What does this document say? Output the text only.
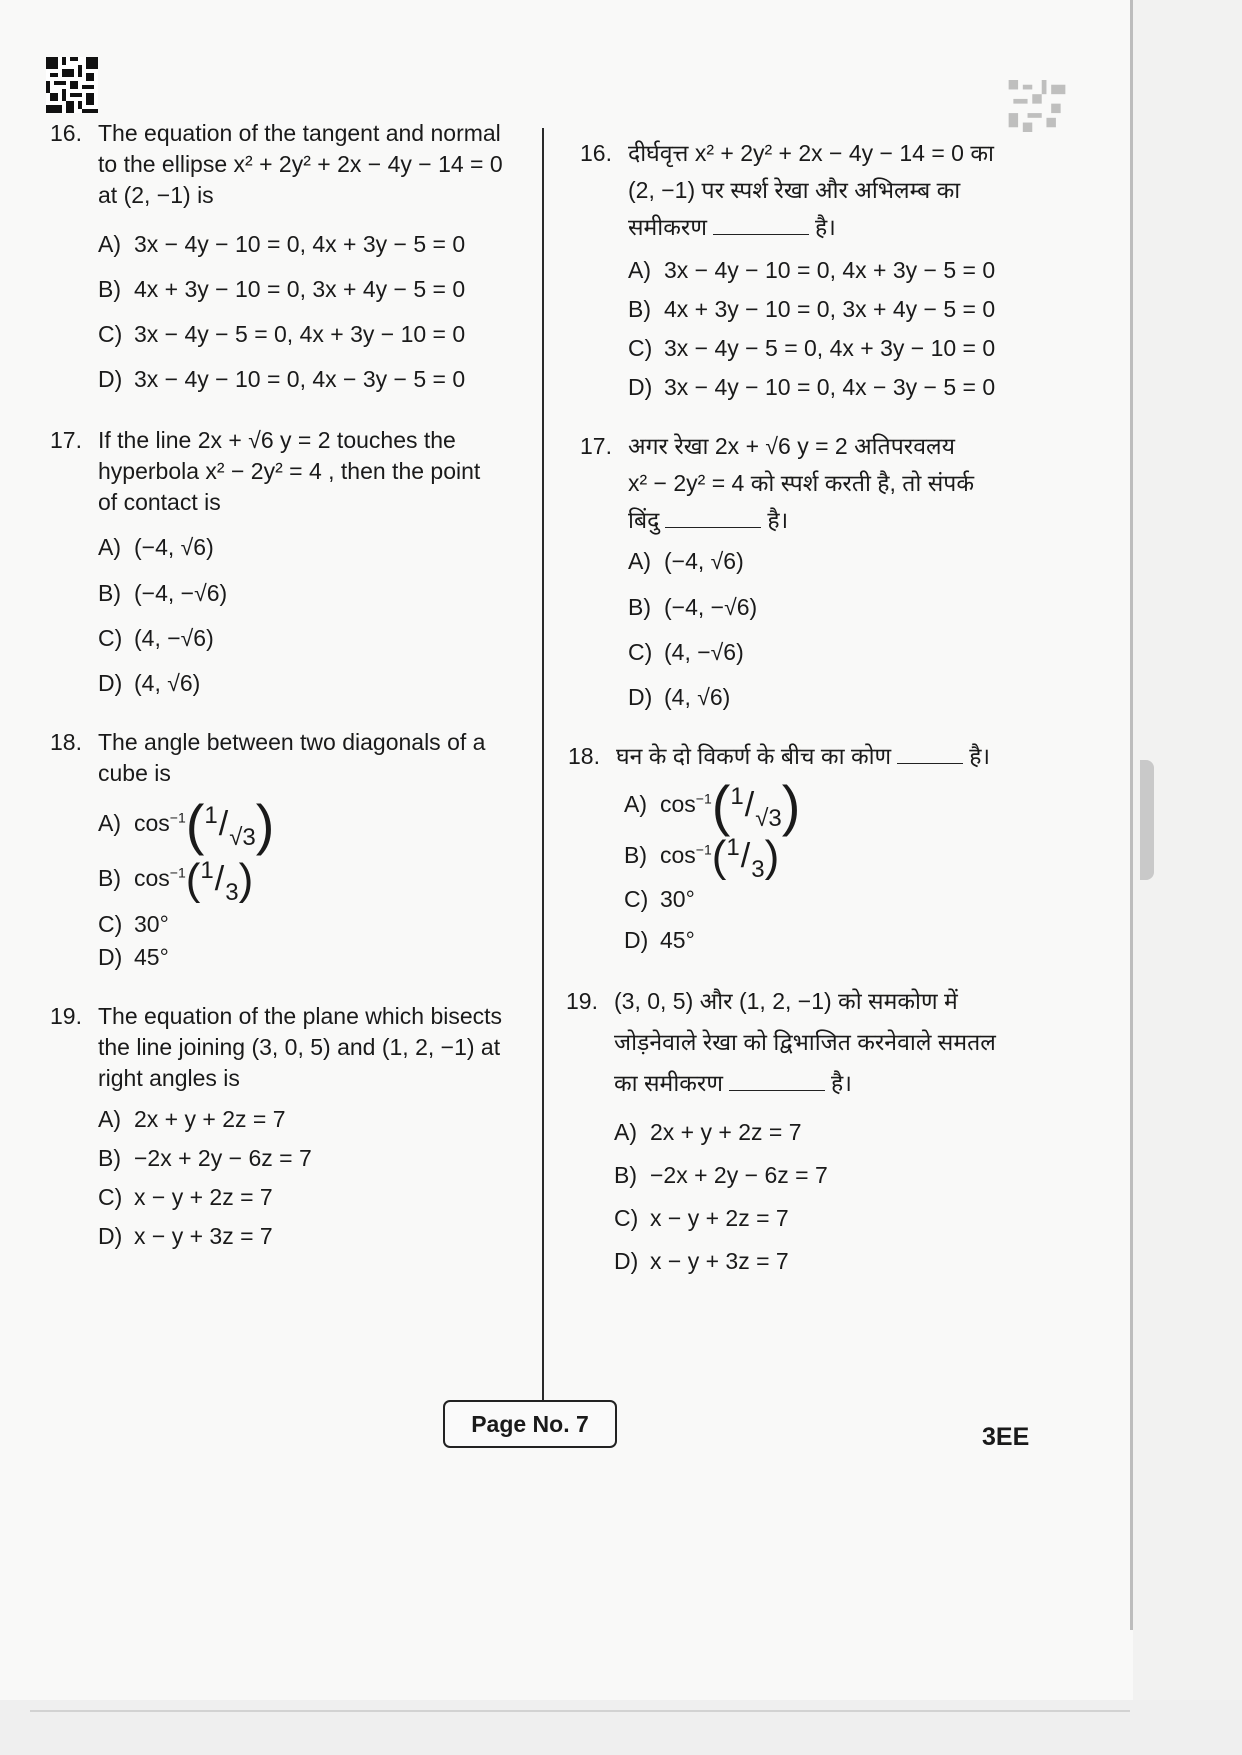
16. The equation of the tangent and normal
to the ellipse x² + 2y² + 2x − 4y − 14 = 0
at (2, −1) is
A) 3x − 4y − 10 = 0, 4x + 3y − 5 = 0
B) 4x + 3y − 10 = 0, 3x + 4y − 5 = 0
C) 3x − 4y − 5 = 0, 4x + 3y − 10 = 0
D) 3x − 4y − 10 = 0, 4x − 3y − 5 = 0
17. If the line 2x + √6 y = 2 touches the
hyperbola x² − 2y² = 4 , then the point
of contact is
A) (−4, √6)
B) (−4, −√6)
C) (4, −√6)
D) (4, √6)
18. The angle between two diagonals of a
cube is
A) $\cos^{-1}(1/√3)$
B) $\cos^{-1}(1/3)$
C) 30°
D) 45°
19. The equation of the plane which bisects
the line joining (3, 0, 5) and (1, 2, −1) at
right angles is
A) 2x + y + 2z = 7
B) −2x + 2y − 6z = 7
C) x − y + 2z = 7
D) x − y + 3z = 7
16. दीर्घवृत्त x² + 2y² + 2x − 4y − 14 = 0 का
(2, −1) पर स्पर्श रेखा और अभिलम्ब का
समीकरण	है।
A) 3x − 4y − 10 = 0, 4x + 3y − 5 = 0
B) 4x + 3y − 10 = 0, 3x + 4y − 5 = 0
C) 3x − 4y − 5 = 0, 4x + 3y − 10 = 0
D) 3x − 4y − 10 = 0, 4x − 3y − 5 = 0
17. अगर रेखा 2x + √6 y = 2 अतिपरवलय
x² − 2y² = 4 को स्पर्श करती है, तो संपर्क
बिंदु	है।
A) (−4, √6)
B) (−4, −√6)
C) (4, −√6)
D) (4, √6)
18. घन के दो विकर्ण के बीच का कोण	है।
A) $\cos^{-1}(1/√3)$
B) $\cos^{-1}(1/3)$
C) 30°
D) 45°
19. (3, 0, 5) और (1, 2, −1) को समकोण में
जोड़नेवाले रेखा को द्विभाजित करनेवाले समतल
का समीकरण	है।
A) 2x + y + 2z = 7
B) −2x + 2y − 6z = 7
C) x − y + 2z = 7
D) x − y + 3z = 7
Page No. 7	3EE
